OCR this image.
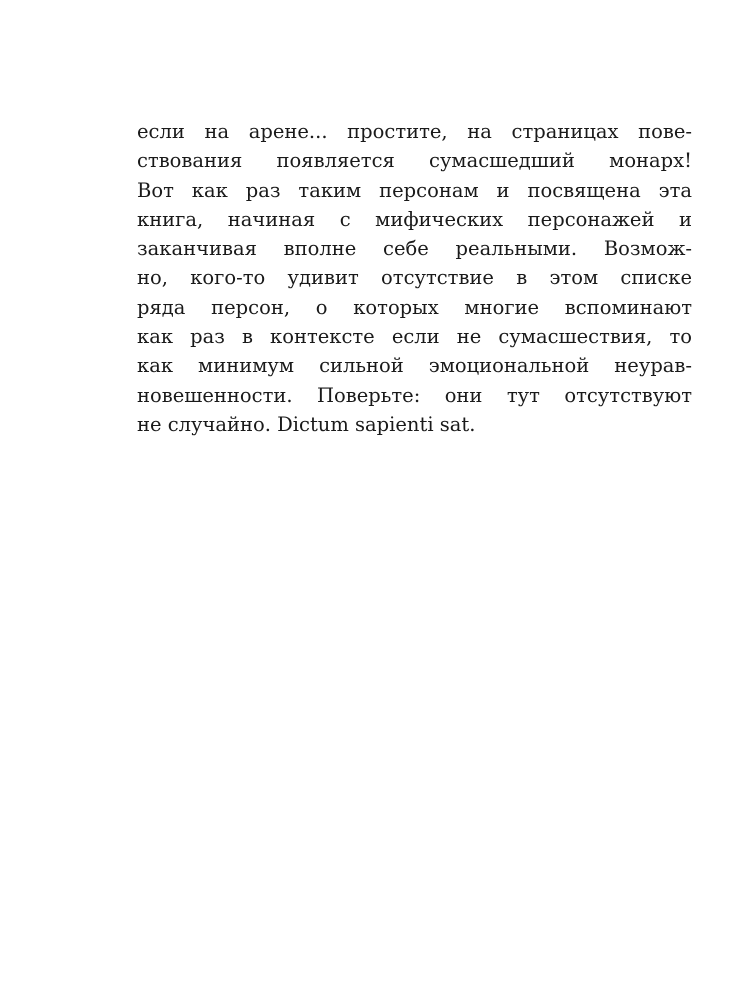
если на арене... простите, на страницах пове-
ствования появляется сумасшедший монарх!
Вот как раз таким персонам и посвящена эта
книга, начиная с мифических персонажей и
заканчивая вполне себе реальными. Возмож-
но, кого-то удивит отсутствие в этом списке
ряда персон, о которых многие вспоминают
как раз в контексте если не сумасшествия, то
как минимум сильной эмоциональной неурав-
новешенности. Поверьте: они тут отсутствуют
не случайно. Dictum sapienti sat.
